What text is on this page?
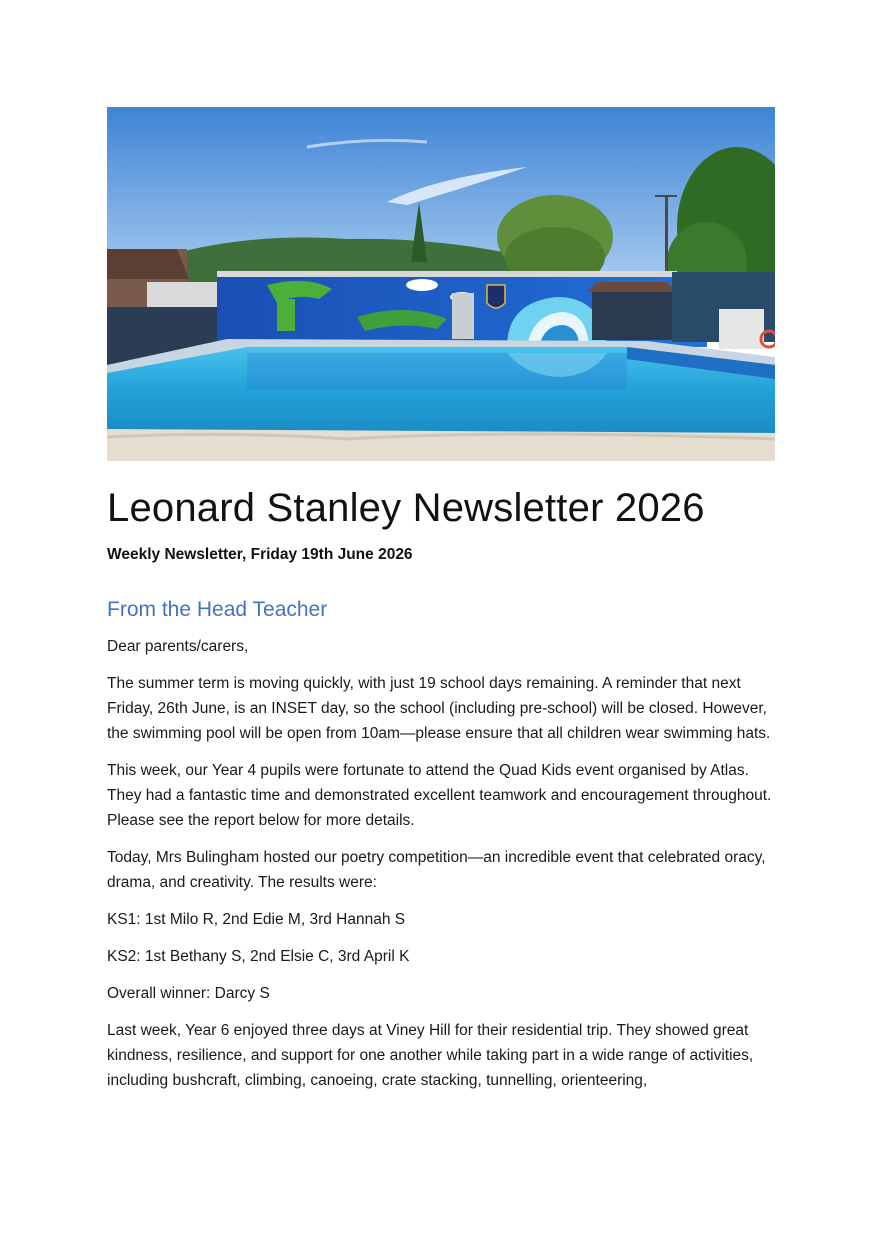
Leonard Stanley Newsletter 2026

Weekly Newsletter, Friday 19th June 2026

From the Head Teacher

Dear parents/carers,

The summer term is moving quickly, with just 19 school days remaining. A reminder that next Friday, 26th June, is an INSET day, so the school (including pre-school) will be closed. However, the swimming pool will be open from 10am—please ensure that all children wear swimming hats.

This week, our Year 4 pupils were fortunate to attend the Quad Kids event organised by Atlas. They had a fantastic time and demonstrated excellent teamwork and encouragement throughout. Please see the report below for more details.

Today, Mrs Bulingham hosted our poetry competition—an incredible event that celebrated oracy, drama, and creativity. The results were:

KS1: 1st Milo R, 2nd Edie M, 3rd Hannah S

KS2: 1st Bethany S, 2nd Elsie C, 3rd April K

Overall winner: Darcy S

Last week, Year 6 enjoyed three days at Viney Hill for their residential trip. They showed great kindness, resilience, and support for one another while taking part in a wide range of activities, including bushcraft, climbing, canoeing, crate stacking, tunnelling, orienteering,
